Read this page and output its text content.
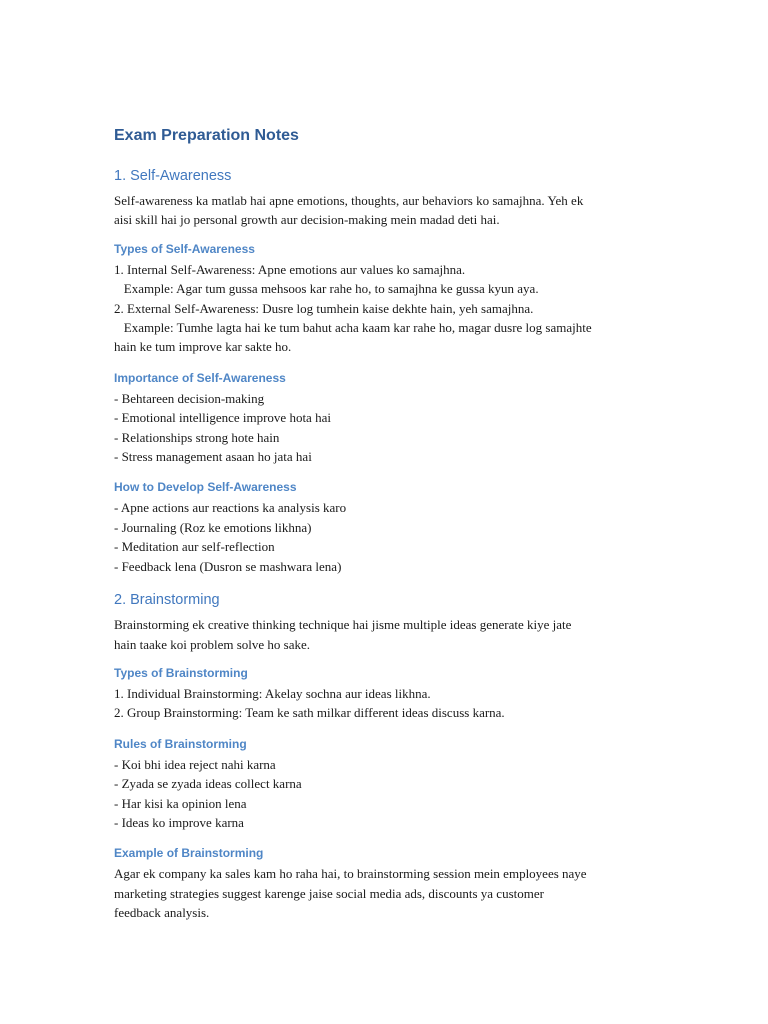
Exam Preparation Notes
1. Self-Awareness
Self-awareness ka matlab hai apne emotions, thoughts, aur behaviors ko samajhna. Yeh ek
aisi skill hai jo personal growth aur decision-making mein madad deti hai.
Types of Self-Awareness
1. Internal Self-Awareness: Apne emotions aur values ko samajhna.
Example: Agar tum gussa mehsoos kar rahe ho, to samajhna ke gussa kyun aya.
2. External Self-Awareness: Dusre log tumhein kaise dekhte hain, yeh samajhna.
Example: Tumhe lagta hai ke tum bahut acha kaam kar rahe ho, magar dusre log samajhte
hain ke tum improve kar sakte ho.
Importance of Self-Awareness
- Behtareen decision-making
- Emotional intelligence improve hota hai
- Relationships strong hote hain
- Stress management asaan ho jata hai
How to Develop Self-Awareness
- Apne actions aur reactions ka analysis karo
- Journaling (Roz ke emotions likhna)
- Meditation aur self-reflection
- Feedback lena (Dusron se mashwara lena)
2. Brainstorming
Brainstorming ek creative thinking technique hai jisme multiple ideas generate kiye jate
hain taake koi problem solve ho sake.
Types of Brainstorming
1. Individual Brainstorming: Akelay sochna aur ideas likhna.
2. Group Brainstorming: Team ke sath milkar different ideas discuss karna.
Rules of Brainstorming
- Koi bhi idea reject nahi karna
- Zyada se zyada ideas collect karna
- Har kisi ka opinion lena
- Ideas ko improve karna
Example of Brainstorming
Agar ek company ka sales kam ho raha hai, to brainstorming session mein employees naye
marketing strategies suggest karenge jaise social media ads, discounts ya customer
feedback analysis.
